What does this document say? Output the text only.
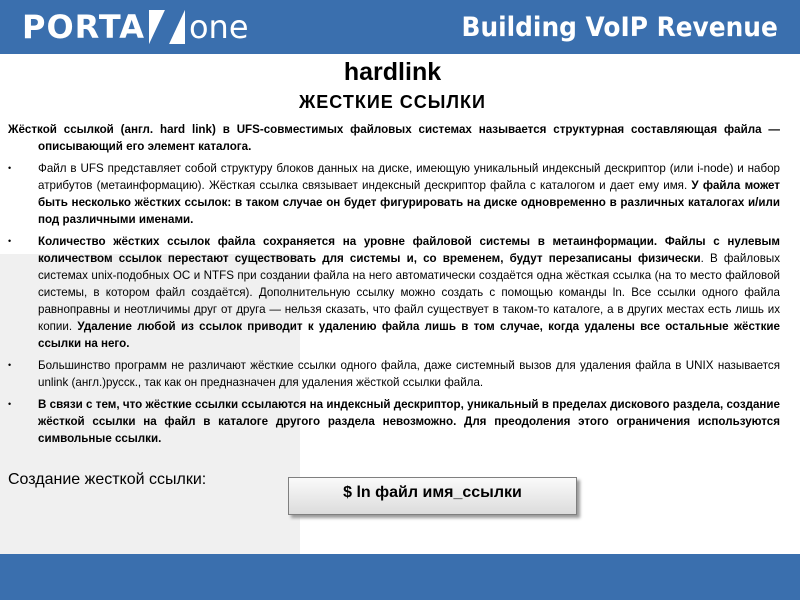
PORTA one	Building VoIP Revenue
hardlink
ЖЕСТКИЕ ССЫЛКИ

Жёсткой ссылкой (англ. hard link) в UFS-совместимых файловых системах называется структурная составляющая файла — описывающий его элемент каталога.

• Файл в UFS представляет собой структуру блоков данных на диске, имеющую уникальный индексный дескриптор (или i-node) и набор атрибутов (метаинформацию). Жёсткая ссылка связывает индексный дескриптор файла с каталогом и дает ему имя. У файла может быть несколько жёстких ссылок: в таком случае он будет фигурировать на диске одновременно в различных каталогах и/или под различными именами.
• Количество жёстких ссылок файла сохраняется на уровне файловой системы в метаинформации. Файлы с нулевым количеством ссылок перестают существовать для системы и, со временем, будут перезаписаны физически. В файловых системах unix-подобных ОС и NTFS при создании файла на него автоматически создаётся одна жёсткая ссылка (на то место файловой системы, в котором файл создаётся). Дополнительную ссылку можно создать с помощью команды ln. Все ссылки одного файла равноправны и неотличимы друг от друга — нельзя сказать, что файл существует в таком-то каталоге, а в других местах есть лишь их копии. Удаление любой из ссылок приводит к удалению файла лишь в том случае, когда удалены все остальные жёсткие ссылки на него.
• Большинство программ не различают жёсткие ссылки одного файла, даже системный вызов для удаления файла в UNIX называется unlink (англ.)русск., так как он предназначен для удаления жёсткой ссылки файла.
• В связи с тем, что жёсткие ссылки ссылаются на индексный дескриптор, уникальный в пределах дискового раздела, создание жёсткой ссылки на файл в каталоге другого раздела невозможно. Для преодоления этого ограничения используются символьные ссылки.
Создание жесткой ссылки:
$ ln файл имя_ссылки
